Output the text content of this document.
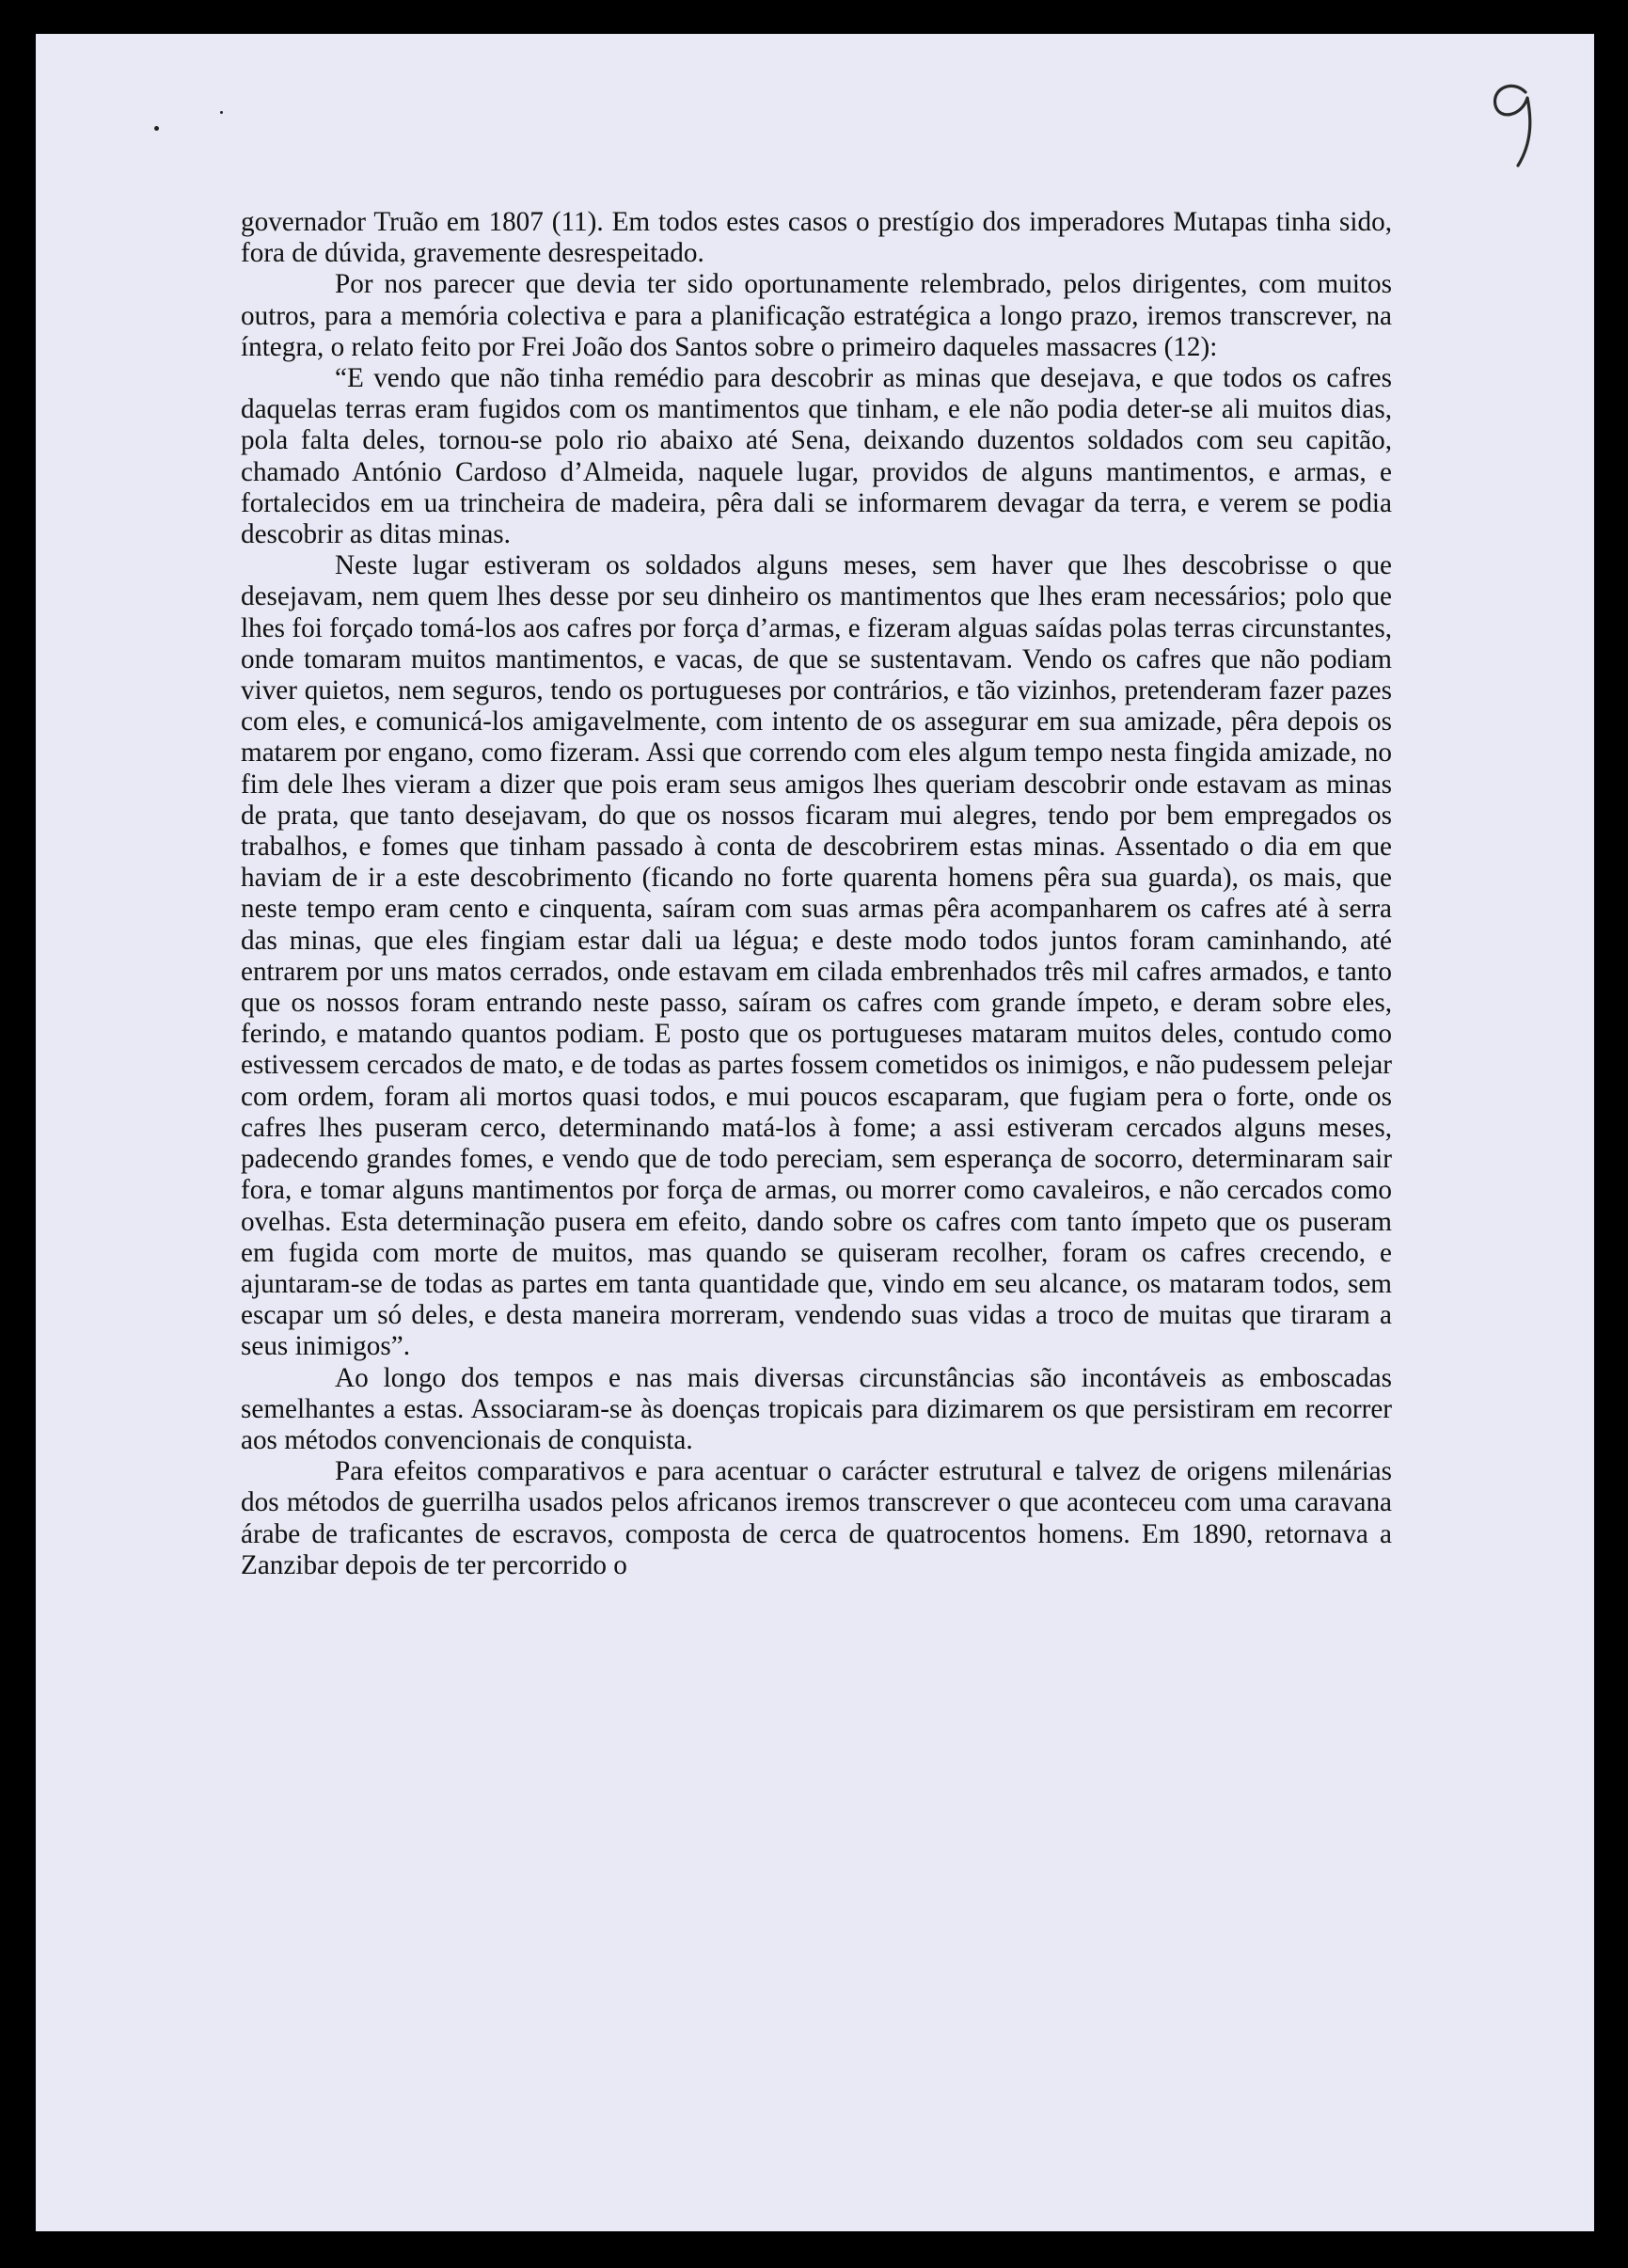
governador Truão em 1807 (11). Em todos estes casos o prestígio dos imperadores Mutapas tinha sido, fora de dúvida, gravemente desrespeitado.

Por nos parecer que devia ter sido oportunamente relembrado, pelos dirigentes, com muitos outros, para a memória colectiva e para a planificação estratégica a longo prazo, iremos transcrever, na íntegra, o relato feito por Frei João dos Santos sobre o primeiro daqueles massacres (12):

“E vendo que não tinha remédio para descobrir as minas que desejava, e que todos os cafres daquelas terras eram fugidos com os mantimentos que tinham, e ele não podia deter-se ali muitos dias, pola falta deles, tornou-se polo rio abaixo até Sena, deixando duzentos soldados com seu capitão, chamado António Cardoso d’Almeida, naquele lugar, providos de alguns mantimentos, e armas, e fortalecidos em ua trincheira de madeira, pêra dali se informarem devagar da terra, e verem se podia descobrir as ditas minas.

Neste lugar estiveram os soldados alguns meses, sem haver que lhes descobrisse o que desejavam, nem quem lhes desse por seu dinheiro os mantimentos que lhes eram necessários; polo que lhes foi forçado tomá-los aos cafres por força d’armas, e fizeram alguas saídas polas terras circunstantes, onde tomaram muitos mantimentos, e vacas, de que se sustentavam. Vendo os cafres que não podiam viver quietos, nem seguros, tendo os portugueses por contrários, e tão vizinhos, pretenderam fazer pazes com eles, e comunicá-los amigavelmente, com intento de os assegurar em sua amizade, pêra depois os matarem por engano, como fizeram. Assi que correndo com eles algum tempo nesta fingida amizade, no fim dele lhes vieram a dizer que pois eram seus amigos lhes queriam descobrir onde estavam as minas de prata, que tanto desejavam, do que os nossos ficaram mui alegres, tendo por bem empregados os trabalhos, e fomes que tinham passado à conta de descobrirem estas minas. Assentado o dia em que haviam de ir a este descobrimento (ficando no forte quarenta homens pêra sua guarda), os mais, que neste tempo eram cento e cinquenta, saíram com suas armas pêra acompanharem os cafres até à serra das minas, que eles fingiam estar dali ua légua; e deste modo todos juntos foram caminhando, até entrarem por uns matos cerrados, onde estavam em cilada embrenhados três mil cafres armados, e tanto que os nossos foram entrando neste passo, saíram os cafres com grande ímpeto, e deram sobre eles, ferindo, e matando quantos podiam. E posto que os portugueses mataram muitos deles, contudo como estivessem cercados de mato, e de todas as partes fossem cometidos os inimigos, e não pudessem pelejar com ordem, foram ali mortos quasi todos, e mui poucos escaparam, que fugiam pera o forte, onde os cafres lhes puseram cerco, determinando matá-los à fome; a assi estiveram cercados alguns meses, padecendo grandes fomes, e vendo que de todo pereciam, sem esperança de socorro, determinaram sair fora, e tomar alguns mantimentos por força de armas, ou morrer como cavaleiros, e não cercados como ovelhas. Esta determinação pusera em efeito, dando sobre os cafres com tanto ímpeto que os puseram em fugida com morte de muitos, mas quando se quiseram recolher, foram os cafres crecendo, e ajuntaram-se de todas as partes em tanta quantidade que, vindo em seu alcance, os mataram todos, sem escapar um só deles, e desta maneira morreram, vendendo suas vidas a troco de muitas que tiraram a seus inimigos”.

Ao longo dos tempos e nas mais diversas circunstâncias são incontáveis as emboscadas semelhantes a estas. Associaram-se às doenças tropicais para dizimarem os que persistiram em recorrer aos métodos convencionais de conquista.

Para efeitos comparativos e para acentuar o carácter estrutural e talvez de origens milenárias dos métodos de guerrilha usados pelos africanos iremos transcrever o que aconteceu com uma caravana árabe de traficantes de escravos, composta de cerca de quatrocentos homens. Em 1890, retornava a Zanzibar depois de ter percorrido o
